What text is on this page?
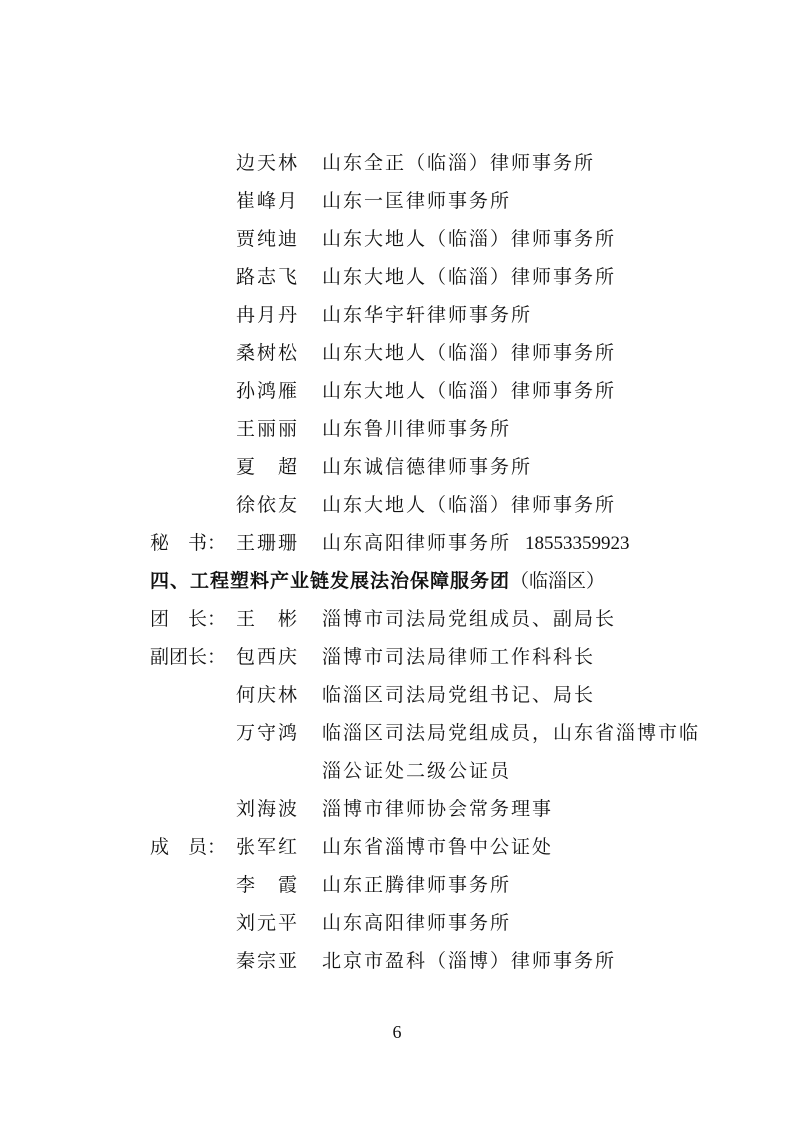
边天林 山东全正（临淄）律师事务所
崔峰月 山东一匡律师事务所
贾纯迪 山东大地人（临淄）律师事务所
路志飞 山东大地人（临淄）律师事务所
冉月丹 山东华宇轩律师事务所
桑树松 山东大地人（临淄）律师事务所
孙鸿雁 山东大地人（临淄）律师事务所
王丽丽 山东鲁川律师事务所
夏　超 山东诚信德律师事务所
徐依友 山东大地人（临淄）律师事务所
秘　书： 王珊珊 山东高阳律师事务所 18553359923
四、工程塑料产业链发展法治保障服务团（临淄区）
团　长： 王　彬 淄博市司法局党组成员、副局长
副团长： 包西庆 淄博市司法局律师工作科科长
何庆林 临淄区司法局党组书记、局长
万守鸿 临淄区司法局党组成员，山东省淄博市临
淄公证处二级公证员
刘海波 淄博市律师协会常务理事
成　员： 张军红 山东省淄博市鲁中公证处
李　霞 山东正腾律师事务所
刘元平 山东高阳律师事务所
秦宗亚 北京市盈科（淄博）律师事务所
6
